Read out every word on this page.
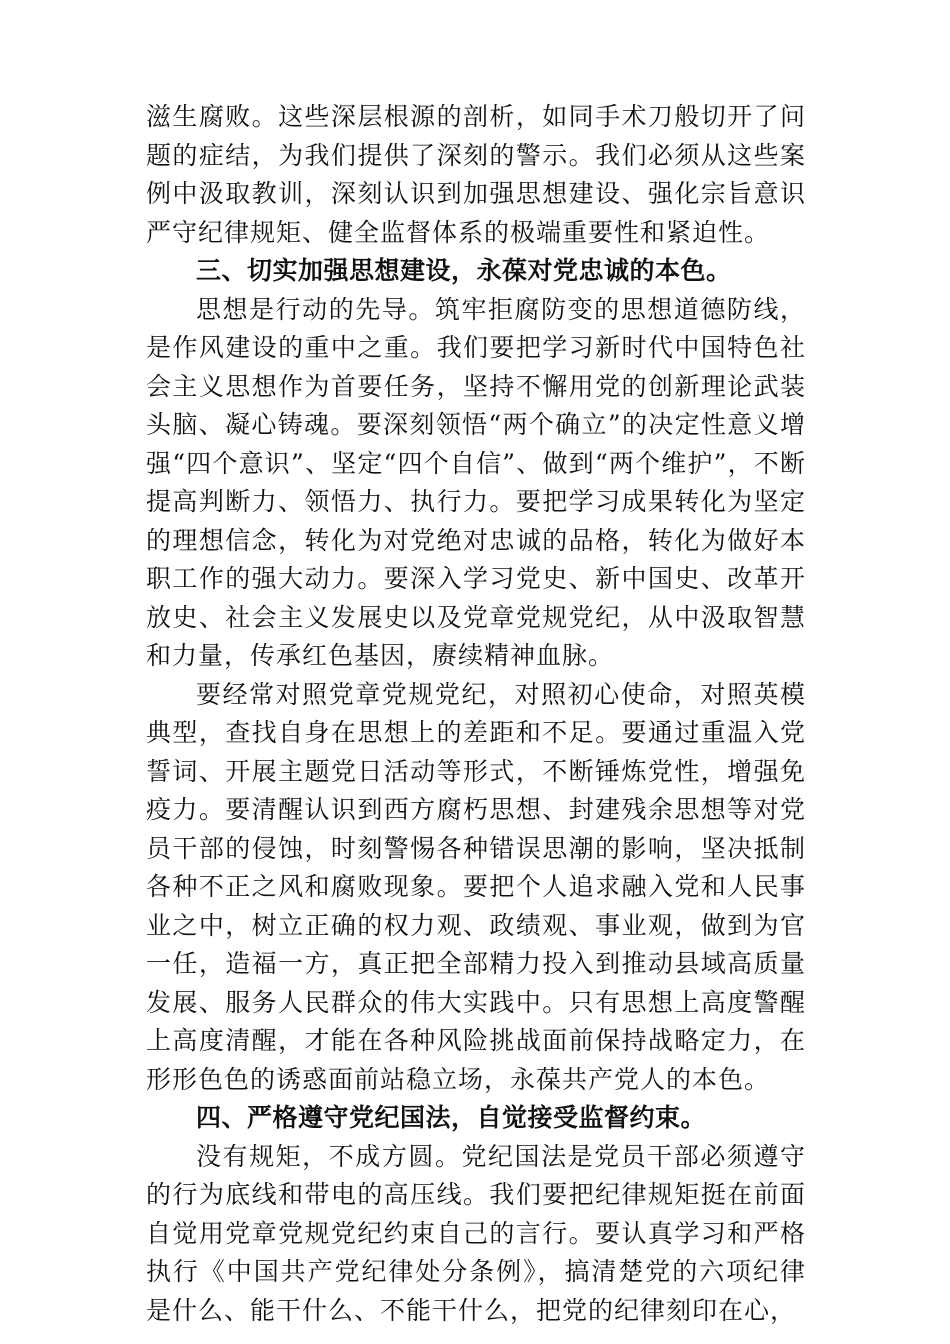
滋生腐败。这些深层根源的剖析，如同手术刀般切开了问题的症结，为我们提供了深刻的警示。我们必须从这些案例中汲取教训，深刻认识到加强思想建设、强化宗旨意识严守纪律规矩、健全监督体系的极端重要性和紧迫性。

三、切实加强思想建设，永葆对党忠诚的本色。

思想是行动的先导。筑牢拒腐防变的思想道德防线，是作风建设的重中之重。我们要把学习新时代中国特色社会主义思想作为首要任务，坚持不懈用党的创新理论武装头脑、凝心铸魂。要深刻领悟“两个确立”的决定性意义增强“四个意识”、坚定“四个自信”、做到“两个维护”，不断提高判断力、领悟力、执行力。要把学习成果转化为坚定的理想信念，转化为对党绝对忠诚的品格，转化为做好本职工作的强大动力。要深入学习党史、新中国史、改革开放史、社会主义发展史以及党章党规党纪，从中汲取智慧和力量，传承红色基因，赓续精神血脉。

要经常对照党章党规党纪，对照初心使命，对照英模典型，查找自身在思想上的差距和不足。要通过重温入党誓词、开展主题党日活动等形式，不断锤炼党性，增强免疫力。要清醒认识到西方腐朽思想、封建残余思想等对党员干部的侵蚀，时刻警惕各种错误思潮的影响，坚决抵制各种不正之风和腐败现象。要把个人追求融入党和人民事业之中，树立正确的权力观、政绩观、事业观，做到为官一任，造福一方，真正把全部精力投入到推动县域高质量发展、服务人民群众的伟大实践中。只有思想上高度警醒上高度清醒，才能在各种风险挑战面前保持战略定力，在形形色色的诱惑面前站稳立场，永葆共产党人的本色。

四、严格遵守党纪国法，自觉接受监督约束。

没有规矩，不成方圆。党纪国法是党员干部必须遵守的行为底线和带电的高压线。我们要把纪律规矩挺在前面自觉用党章党规党纪约束自己的言行。要认真学习和严格执行《中国共产党纪律处分条例》，搞清楚党的六项纪律是什么、能干什么、不能干什么，把党的纪律刻印在心，
